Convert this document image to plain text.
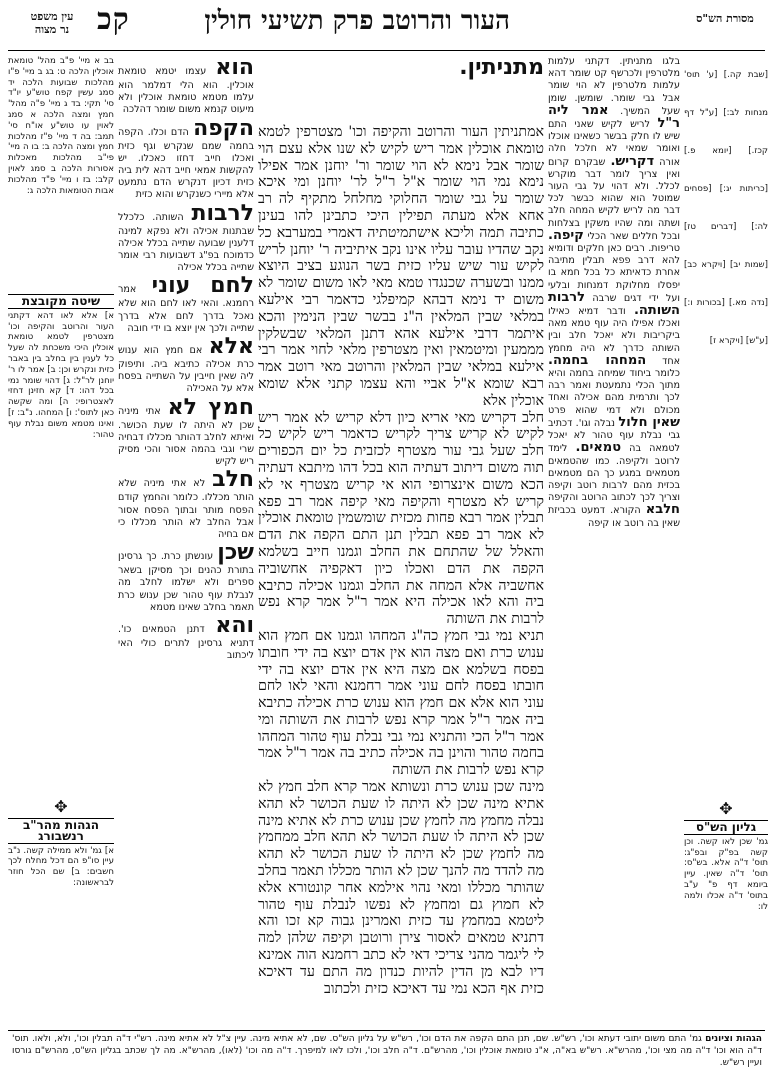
מסורת הש"ס
העור והרוטב פרק תשיעי חולין
קכ
עין משפט
נר מצוה

[שבת קה.] [ע' תוס' מנחות לב:] [ע"ל דף קכז.] [יומא פ.] [כריתות יג:] [פסחים לה:] [דברים טז] [שמות יב] [ויקרא כב] [נדה מא.] [בכורות ו:] [ע"ש] [ויקרא ז]

✥
גליון הש"ס

גמ' שכן לאו קשה. וכן קשה בפ"ק ובפ"ג: תוס' ד"ה אלא. בש"ס: תוס' ד"ה שאין. עיין ביומא דף פ" ע"ב בתוס' ד"ה אכלו ולמה לו:

בלגו מתניתין. דקתני עלמות מלטרפין ולכרשף קט שומר דהא עלמות מלטרפין לא הוי שומר אבל גבי שומר. שומשן. שומן שעל המשיך. אמר ליה ר"ל לריש לקיש שאני התם שיש לו חלק בבשר כשאינו אוכלו ואומר שמאי לא חלכל חלה אורה דקריש. שבקרם קרום ואין צריך לומר דבר מוקרש לכלל. ולא דהוי על גבי העור שמוטל הוא שהוא כבשר לכל דבר מה לריש לקיש המחה חלב ושתה ומה שהיו משקין בצלחות ובכל חללים שאר הכלי קיפה. טריפות. רבים כאן חלקים ודומיא להא דרב פפא תבלין מתיבה אחרת כדאיתא כל בכל חמא בו יפסלו מחלוקת דמנחות ובלעי ועל ידי דגים שרבה לרבות השותה. ודבר דמיא כאילו ואכלו אפילו היה עוף טמא מאה ביקריבות ולא יאכל חלב ובין השותה כדרך לא היה מחמץ אחד המחהו בחמה. כלומר ביחוד שמיחה בחמה והיא מתוך הכלי נתמעטת ואמר רבה לכך ותרמית מהם אכילה ואחד מכולם ולא דמי שהוא פרט שאין חלול נבלה וגו'. דכתיב גבי נבלת עוף טהור לא יאכל לטמאה בה טמאים. לימד לרוטב ולקיפה. כמו שהטמאים מטמאים במגע כך הם מטמאים בכזית מהם לרבות רוטב וקיפה וצריך לכך לכתוב הרוטב והקיפה חלבא הקורא. דמעט בכביזת שאין בה רוטב או קיפה

אמתניתין העור והרוטב והקיפה וכו' מצטרפין לטמא טומאת אוכלין אמר ריש לקיש לא שנו אלא עצם הוי שומר אבל נימא לא הוי שומר ור' יוחנן אמר אפילו נימא נמי הוי שומר א"ל ר"ל לר' יוחנן ומי איכא שומר על גבי שומר החלוקי מחלחל מתקיף לה רב אחא אלא מעתה תפילין היכי כתבינן להו בעינן כתיבה תמה וליכא אישתמיטתיה דאמרי במערבא כל נקב שהדיו עובר עליו אינו נקב איתיביה ר' יוחנן לריש לקיש עור שיש עליו כזית בשר הנוגע בציב היוצא ממנו ובשערה שכנגדו טמא מאי לאו משום שומר לא משום יד נימא דבהא קמיפלגי כדאמר רבי אילעא במלאי שבין המלאין ה"נ בבשר שבין הנימין והכא איתמר דרבי אילעא אהא דתנן המלאי שבשלקין מממעין ומיטמאין ואין מצטרפין מלאי לחוי אמר רבי אילעא במלאי שבין המלאין והרוטב מאי רוטב אמר רבא שומא א"ל אביי והא עצמו קתני אלא שומא אוכלין אלא

חלב דקריש מאי אריא כיון דלא קריש לא אמר ריש לקיש לא קריש צריך לקריש כדאמר ריש לקיש כל חלב שעל גבי עור מצטרף לכזבית כל יום הכפורים תוה משום דיתוב דעתיה הוא בכל דהו מיתבא דעתיה הכא משום אינצרופי הוא אי קריש מצטרף אי לא קריש לא מצטרף והקיפה מאי קיפה אמר רב פפא תבלין אמר רבא פחות מכזית שומשמין טומאת אוכלין לא אמר רב פפא תבלין תנן התם הקפה את הדם והאלל של שהתחם את החלב וגמנו חייב בשלמא הקפה את הדם ואכלו כיון דאקפיה אחשוביה אחשביה אלא המחה את החלב וגמנו אכילה כתיבא ביה והא לאו אכילה היא אמר ר"ל אמר קרא נפש לרבות את השותה

תניא נמי גבי חמץ כה"ג המחהו וגמנו אם חמץ הוא ענוש כרת ואם מצה הוא אין אדם יוצא בה ידי חובתו בפסח בשלמא אם מצה היא אין אדם יוצא בה ידי חובתו בפסח לחם עוני אמר רחמנא והאי לאו לחם עוני הוא אלא אם חמץ הוא ענוש כרת אכילה כתיבא ביה אמר ר"ל אמר קרא נפש לרבות את השותה ומי אמר ר"ל הכי והתניא נמי גבי נבלת עוף טהור המחהו בחמה טהור והוינן בה אכילה כתיב בה אמר ר"ל אמר קרא נפש לרבות את השותה

מינה שכן ענוש כרת ונשותא אמר קרא חלב חמץ לא אתיא מינה שכן לא היתה לו שעת הכושר לא תהא נבלה מחמץ מה לחמץ שכן ענוש כרת לא אתיא מינה שכן לא היתה לו שעת הכושר לא תהא חלב ממחמץ מה לחמץ שכן לא היתה לו שעת הכושר לא תהא מה להדד מה להנך שכן לא הותר מכללו תאמר בחלב שהותר מכללו ומאי נהוי אילמא אחר קונטורא אלא לא חמוץ גם ומחמץ לא נפשו לנבלת עוף טהור ליטמא במחמץ עד כזית ואמרינן גבוה קא זכו והא דתניא טמאים לאסור צירן ורוטבן וקיפה שלהן למה לי ליגמר מהני צריכי דאי לא כתב רחמנא הוה אמינא דיו לבא מן הדין להיות כנדון מה התם עד דאיכא כזית אף הכא נמי עד דאיכא כזית ולכתוב

מתניתין.

הוא עצמו יטמא טומאת אוכלין. הוא הלי דמלמר הוא עלמו מטמא טומאת אוכלין ולא מיעוט קנמא משום שומר דהלכה

הקפה הדם וכלו. הקפה בחמה שמם שנקרש וגף כזית ואכלו חייב דחזו כאכלו. יש להקשות אמאי חייב דהא לית ביה כזית דכיון דנקרש הדם נתמעט אלא מיירי כשנקרש והוא כזית

לרבות השותה. כלכלל שבתנות אכילה ולא נפקא למינה דלענין שבועה שתייה בכלל אכילה כדמוכח בפ"ג דשבועות רבי אומר שתייה בכלל אכילה

לחם עוני אמר רחמנא. והאי לאו לחם הוא שלא נאכל בדרך לחם אלא בדרך שתייה ולכך אין יוצא בו ידי חובה

אלא אם חמץ הוא ענוש כרת אכילה כתיבא ביה. ותיפוק ליה שאין חייבין על השתייה בפסח אלא על האכילה

חמץ לא אתי מיניה שכן לא היתה לו שעת הכושר. ואיתא לחלב דהותר מכללו דבחיה שרי וגבי בהמה אסור והכי מסיק ריש לקיש

חלב לא אתי מיניה שלא הותר מכללו. כלומר והחמץ קודם הפסח מותר ובתוך הפסח אסור אבל החלב לא הותר מכללו כי אם בחיה

שכן עונשתן כרת. כך גרסינן בתורת כהנים וכך מסיקן בשאר ספרים ולא ישלמו לחלב מה לנבלת עוף טהור שכן ענוש כרת תאמר בחלב שאינו מטמא

והא דתנן הטמאים כו'. דתניא גרסינן לתרים כולי האי ליכתוב

בב א מיי' פ"ב מהל' טומאת אוכלין הלכה ט: בג ב מיי' פ"ו מהלכות שבועות הלכה יד סמג עשין קפח טוש"ע יו"ד סי' תקי: בד ג מיי' פ"ה מהל' חמץ ומצה הלכה א סמג לאוין עו טוש"ע או"ח סי' תמב: בה ד מיי' פ"ז מהלכות חמץ ומצה הלכה ב: בו ה מיי' פי"ב מהלכות מאכלות אסורות הלכה ב סמג לאוין קלב: בז ו מיי' פ"ד מהלכות אבות הטומאות הלכה ג:

שיטה מקובצת

א] אלא לאו דהא דקתני העור והרוטב והקיפה וכו' מצטרפין לטמא טומאת אוכלין היכי משכחת לה שעל כל לענין בין בחלב בין באבר כזית ונקרש וכן: ב] אמר לו ר' יוחנן לר"ל: ג] דהוי שומר נמי בכל דהו: ד] קא חזינן דחזי לאצטרופי: ה] ומה שקשה כאן לתוס': ו] המחהו. נ"ב: ז] ואינו מטמא משום נבלת עוף טהור:

✥
הגהות מהר"ב רנשבורג

א] גמ' ולא ממילה קשה. נ"ב עיין סו"פ הם דכל מחלח לכך חשבים: ב] שם הכל חוזר לבראשונה:

הגהות וציונים גמ' התם משום יתובי דעתא וכו', רש"ש. שם, תנן התם הקפה את הדם וכו', רש"ש על גליון הש"ס. שם, לא אתיא מינה. עיין צ"ל לא אתיא מינה. רש"י ד"ה תבלין וכו', ולא, ולאו. תוס' ד"ה הוא וכו' ד"ה מה מצי וכו', מהרש"א. רש"ש בא"ה, א"נ טומאת אוכלין וכו', מהרש"ם. ד"ה חלב וכו', ולכו לאו למיפרך. ד"ה מה וכו' (לאו), מהרש"א. מה לך שכתב בגליון הש"ס, מהרש"ם גורסו ועיין רש"ש.
